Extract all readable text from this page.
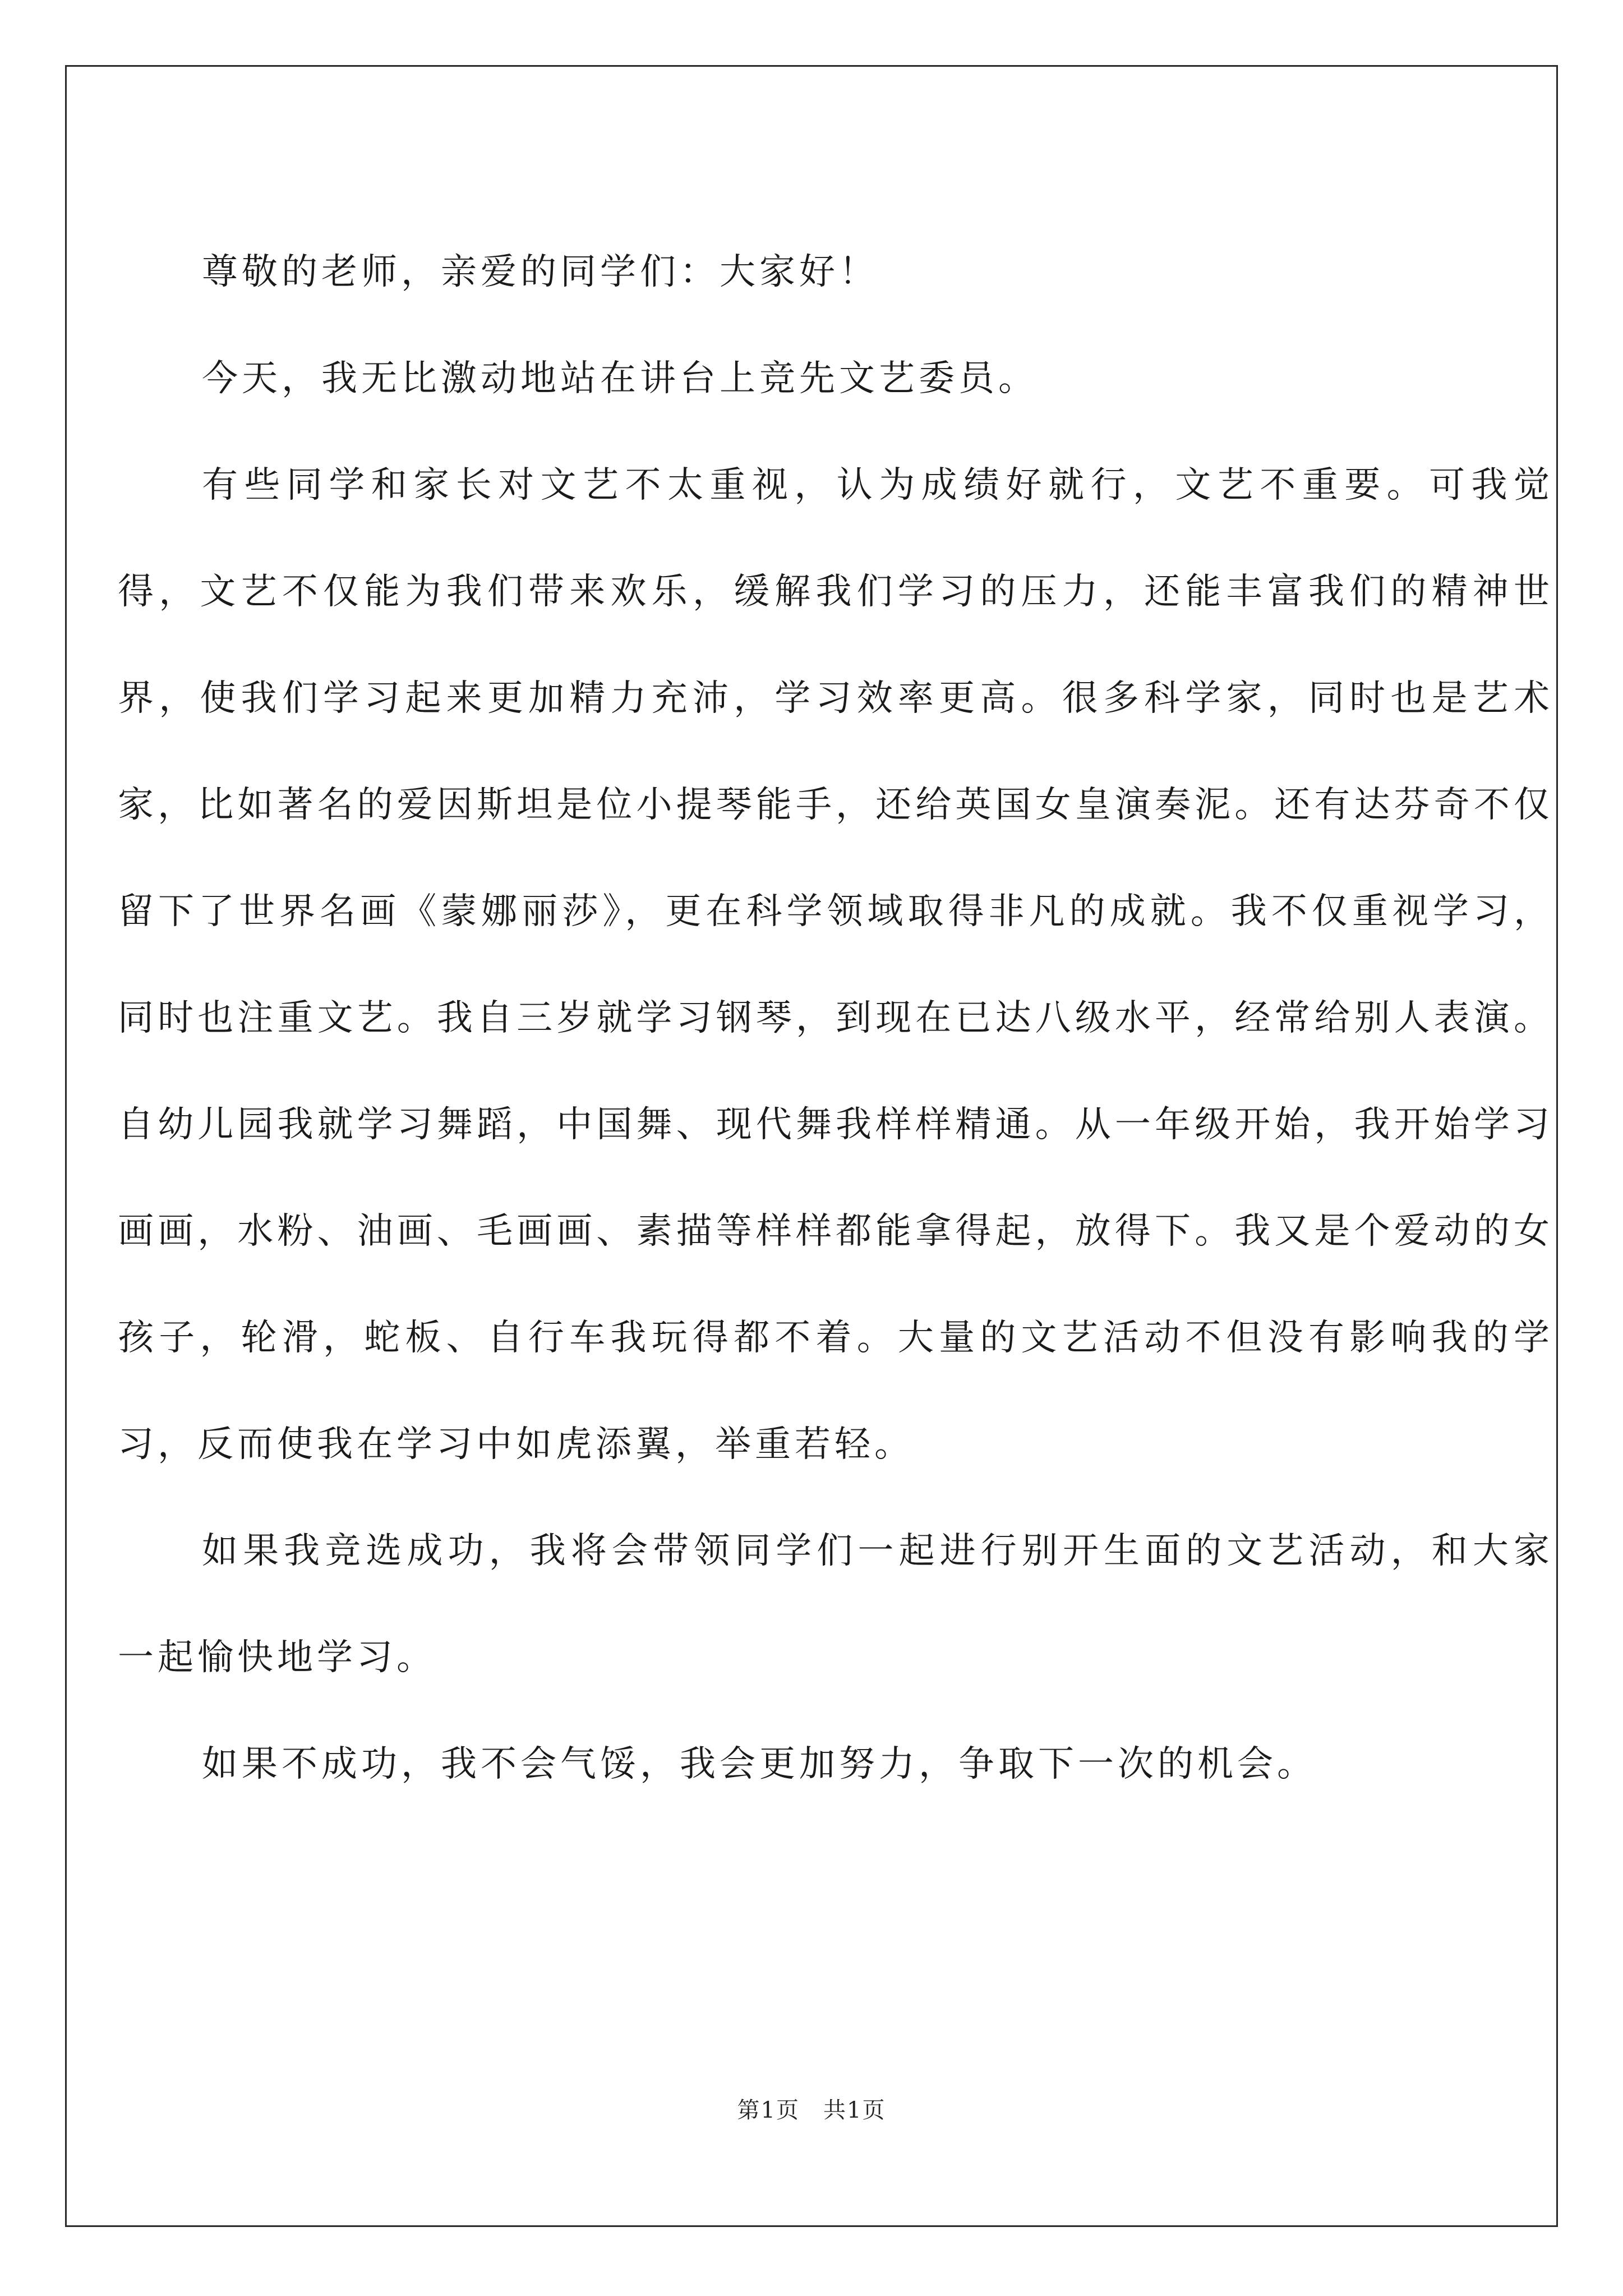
尊敬的老师，亲爱的同学们：大家好！

今天，我无比激动地站在讲台上竞先文艺委员。

有些同学和家长对文艺不太重视，认为成绩好就行，文艺不重要。可我觉得，文艺不仅能为我们带来欢乐，缓解我们学习的压力，还能丰富我们的精神世界，使我们学习起来更加精力充沛，学习效率更高。很多科学家，同时也是艺术家，比如著名的爱因斯坦是位小提琴能手，还给英国女皇演奏泥。还有达芬奇不仅留下了世界名画《蒙娜丽莎》，更在科学领域取得非凡的成就。我不仅重视学习，同时也注重文艺。我自三岁就学习钢琴，到现在已达八级水平，经常给别人表演。自幼儿园我就学习舞蹈，中国舞、现代舞我样样精通。从一年级开始，我开始学习画画，水粉、油画、毛画画、素描等样样都能拿得起，放得下。我又是个爱动的女孩子，轮滑，蛇板、自行车我玩得都不着。大量的文艺活动不但没有影响我的学习，反而使我在学习中如虎添翼，举重若轻。

如果我竞选成功，我将会带领同学们一起进行别开生面的文艺活动，和大家一起愉快地学习。

如果不成功，我不会气馁，我会更加努力，争取下一次的机会。

第1页　共1页
